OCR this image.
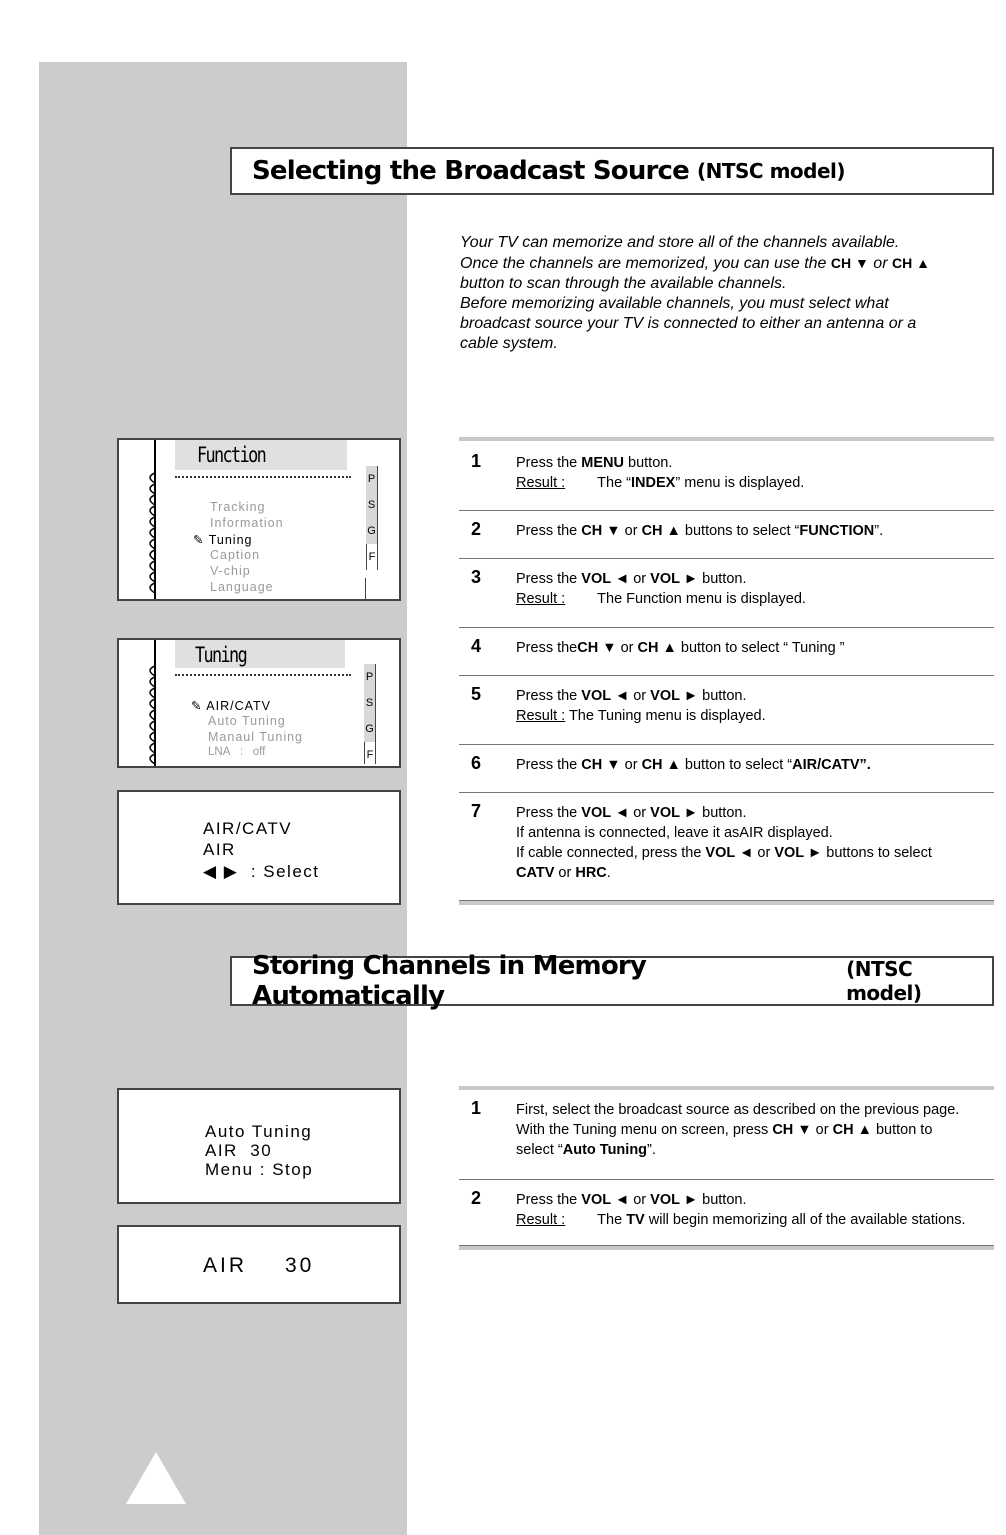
Selecting the Broadcast Source (NTSC model)
Your TV can memorize and store all of the channels available.
Once the channels are memorized, you can use the CH ▼ or CH ▲
button to scan through the available channels.
Before memorizing available channels, you must select what
broadcast source your TV is connected to either an antenna or a
cable system.
1 Press the MENU button.
Result : The “INDEX” menu is displayed.
2 Press the CH ▼ or CH ▲ buttons to select “FUNCTION”.
3 Press the VOL ◄ or VOL ► button.
Result : The Function menu is displayed.
4 Press theCH ▼ or CH ▲ button to select “ Tuning ”
5 Press the VOL ◄ or VOL ► button.
Result : The Tuning menu is displayed.
6 Press the CH ▼ or CH ▲ button to select “AIR/CATV”.
7 Press the VOL ◄ or VOL ► button.
If antenna is connected, leave it asAIR displayed.
If cable connected, press the VOL ◄ or VOL ► buttons to select
CATV or HRC.
Function
Tracking
Information
✎ Tuning
Caption
V-chip
Language
P
S
G
F
Tuning
✎ AIR/CATV
Auto Tuning
Manaul Tuning
LNA : off
P
S
G
F
AIR/CATV
AIR
◀ ▶  : Select
Storing Channels in Memory Automatically
(NTSC model)
1 First, select the broadcast source as described on the previous page.
With the Tuning menu on screen, press CH ▼ or CH ▲ button to
select “Auto Tuning”.
2 Press the VOL ◄ or VOL ► button.
Result : The TV will begin memorizing all of the available stations.
Auto Tuning
AIR  30
Menu : Stop
AIR 30
